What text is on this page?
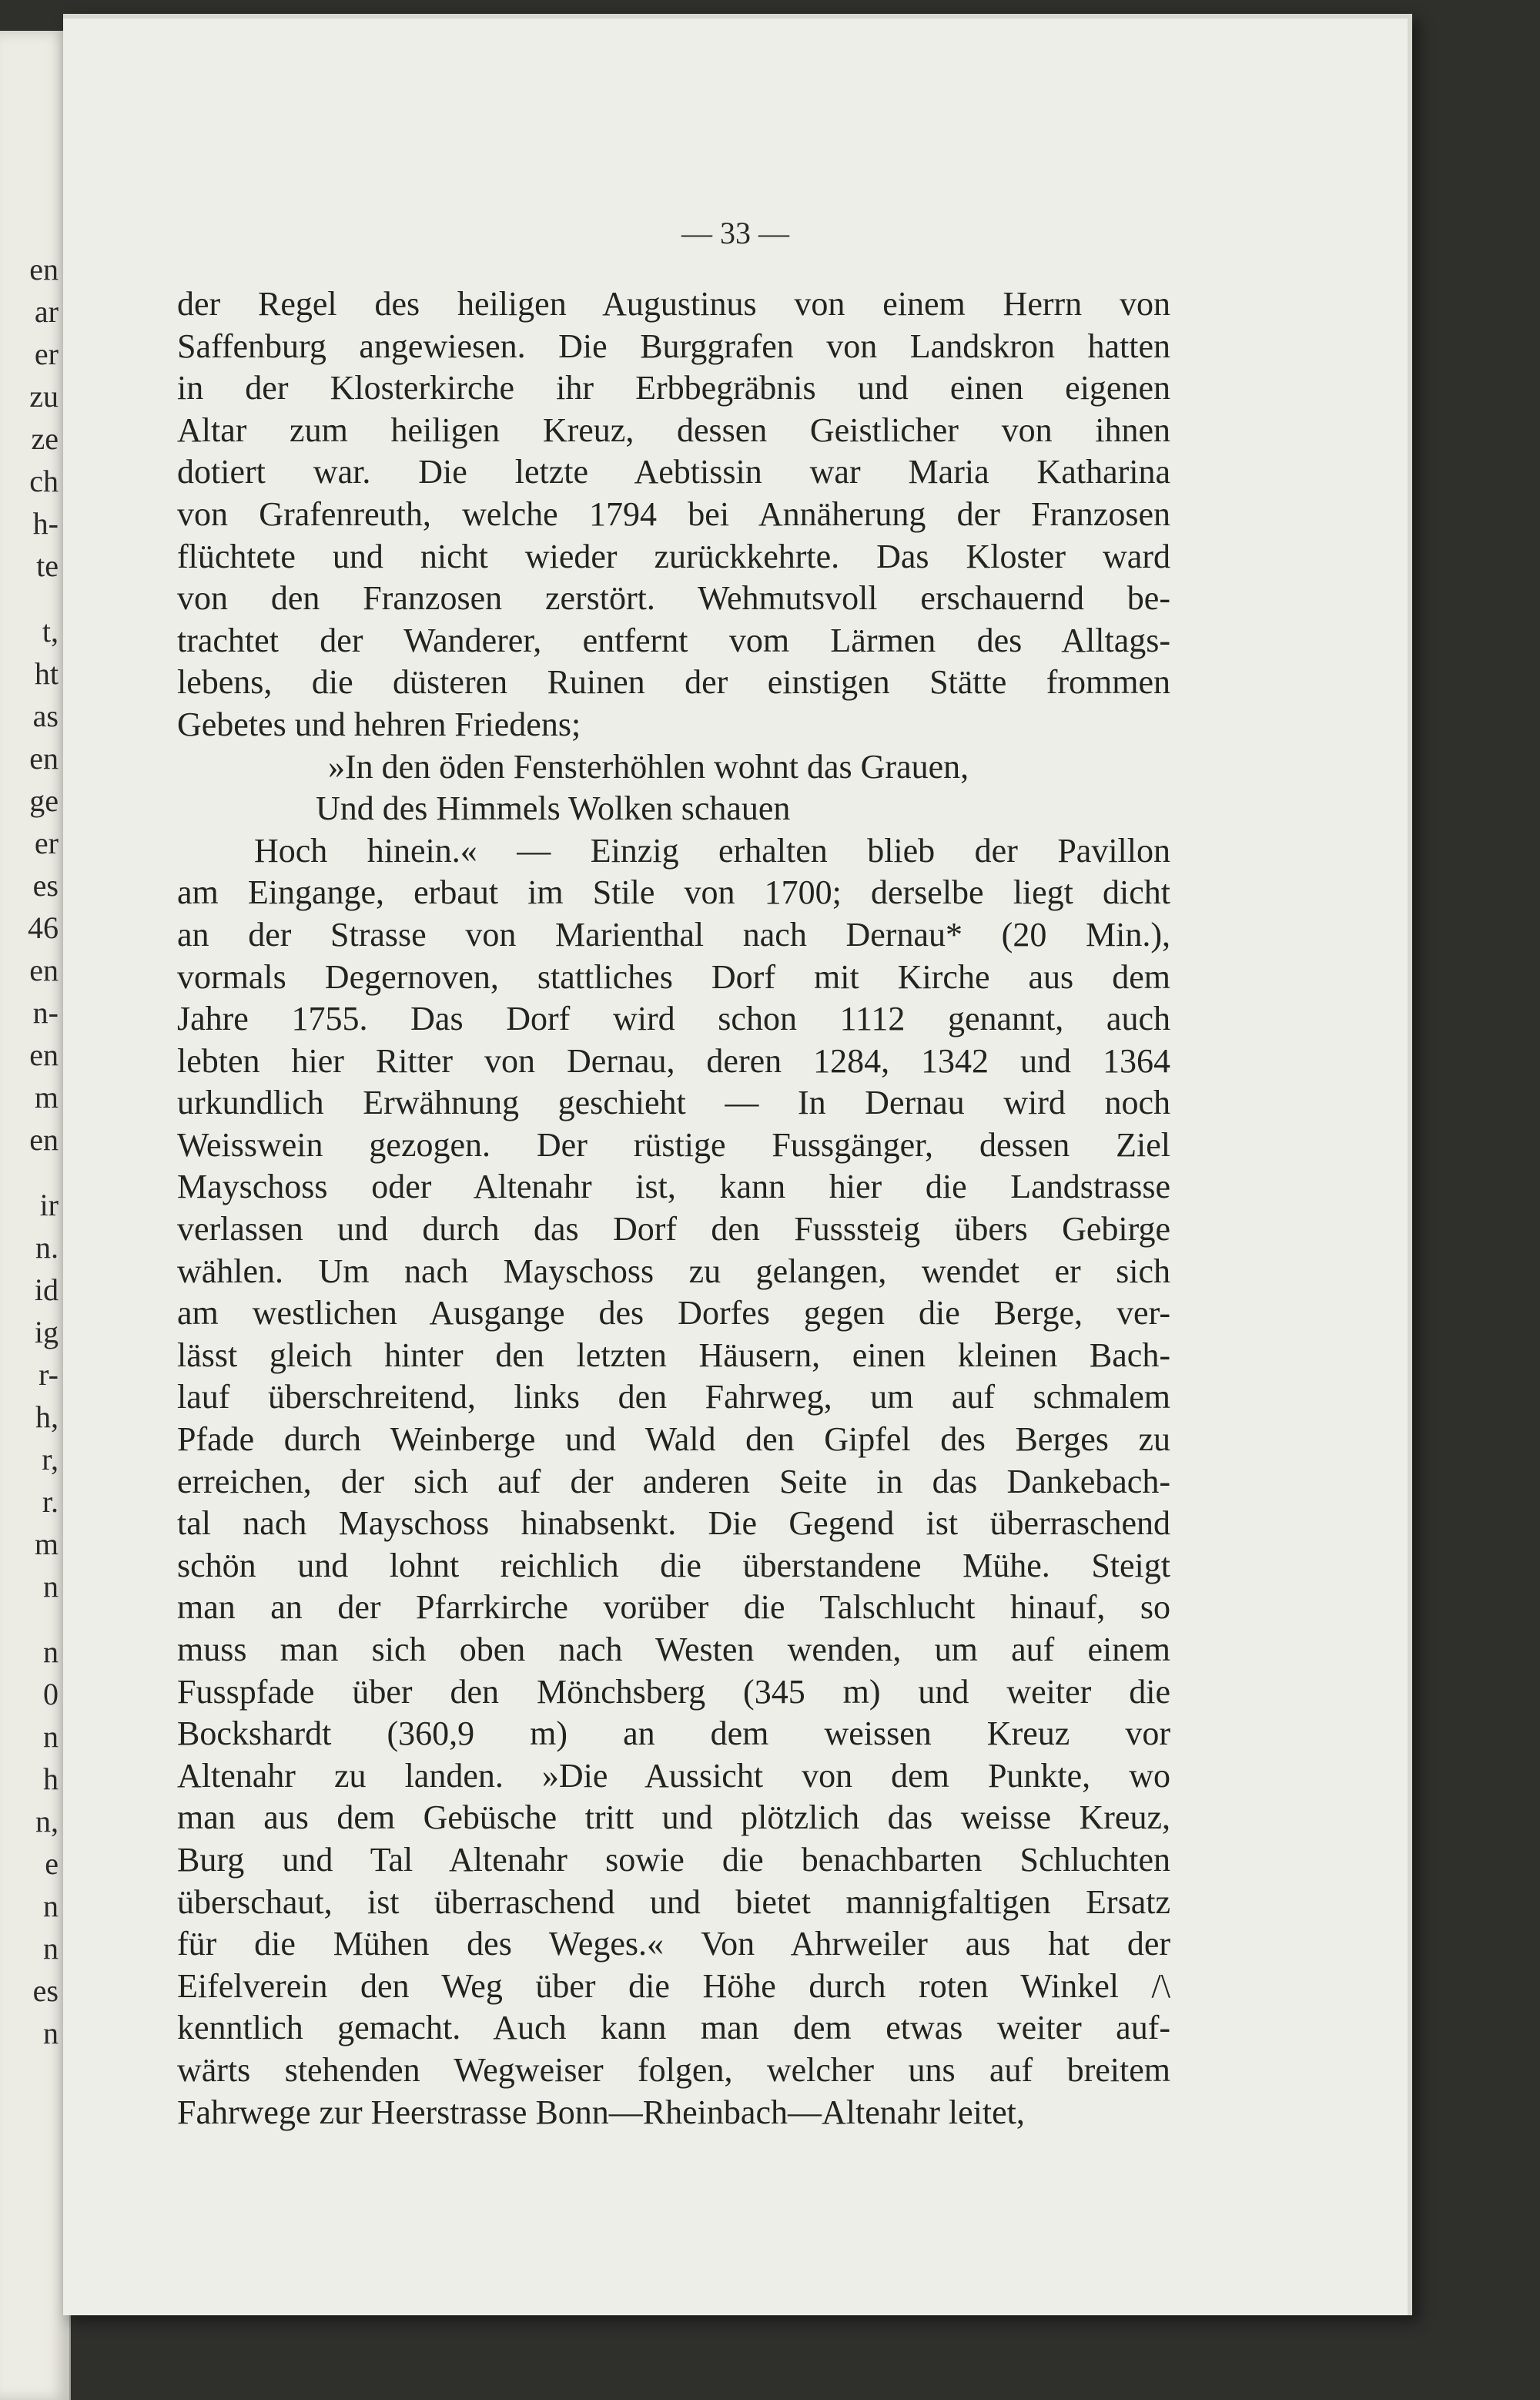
en
ar
er
zu
ze
ch
h-
te
t,
ht
as
en
ge
er
es
46
en
n-
en
m
en
ir
n.
id
ig
r-
h,
r,
r.
m
n
n
0
n
h
n,
e
n
n
es
n
— 33 —
der Regel des heiligen Augustinus von einem Herrn von
Saffenburg angewiesen. Die Burggrafen von Landskron hatten
in der Klosterkirche ihr Erbbegräbnis und einen eigenen
Altar zum heiligen Kreuz, dessen Geistlicher von ihnen
dotiert war. Die letzte Aebtissin war Maria Katharina
von Grafenreuth, welche 1794 bei Annäherung der Franzosen
flüchtete und nicht wieder zurückkehrte. Das Kloster ward
von den Franzosen zerstört. Wehmutsvoll erschauernd be-
trachtet der Wanderer, entfernt vom Lärmen des Alltags-
lebens, die düsteren Ruinen der einstigen Stätte frommen
Gebetes und hehren Friedens;
»In den öden Fensterhöhlen wohnt das Grauen,
Und des Himmels Wolken schauen
Hoch hinein.« — Einzig erhalten blieb der Pavillon
am Eingange, erbaut im Stile von 1700; derselbe liegt dicht
an der Strasse von Marienthal nach Dernau* (20 Min.),
vormals Degernoven, stattliches Dorf mit Kirche aus dem
Jahre 1755. Das Dorf wird schon 1112 genannt, auch
lebten hier Ritter von Dernau, deren 1284, 1342 und 1364
urkundlich Erwähnung geschieht — In Dernau wird noch
Weisswein gezogen. Der rüstige Fussgänger, dessen Ziel
Mayschoss oder Altenahr ist, kann hier die Landstrasse
verlassen und durch das Dorf den Fusssteig übers Gebirge
wählen. Um nach Mayschoss zu gelangen, wendet er sich
am westlichen Ausgange des Dorfes gegen die Berge, ver-
lässt gleich hinter den letzten Häusern, einen kleinen Bach-
lauf überschreitend, links den Fahrweg, um auf schmalem
Pfade durch Weinberge und Wald den Gipfel des Berges zu
erreichen, der sich auf der anderen Seite in das Dankebach-
tal nach Mayschoss hinabsenkt. Die Gegend ist überraschend
schön und lohnt reichlich die überstandene Mühe. Steigt
man an der Pfarrkirche vorüber die Talschlucht hinauf, so
muss man sich oben nach Westen wenden, um auf einem
Fusspfade über den Mönchsberg (345 m) und weiter die
Bockshardt (360,9 m) an dem weissen Kreuz vor
Altenahr zu landen. »Die Aussicht von dem Punkte, wo
man aus dem Gebüsche tritt und plötzlich das weisse Kreuz,
Burg und Tal Altenahr sowie die benachbarten Schluchten
überschaut, ist überraschend und bietet mannigfaltigen Ersatz
für die Mühen des Weges.« Von Ahrweiler aus hat der
Eifelverein den Weg über die Höhe durch roten Winkel /\
kenntlich gemacht. Auch kann man dem etwas weiter auf-
wärts stehenden Wegweiser folgen, welcher uns auf breitem
Fahrwege zur Heerstrasse Bonn—Rheinbach—Altenahr leitet,
